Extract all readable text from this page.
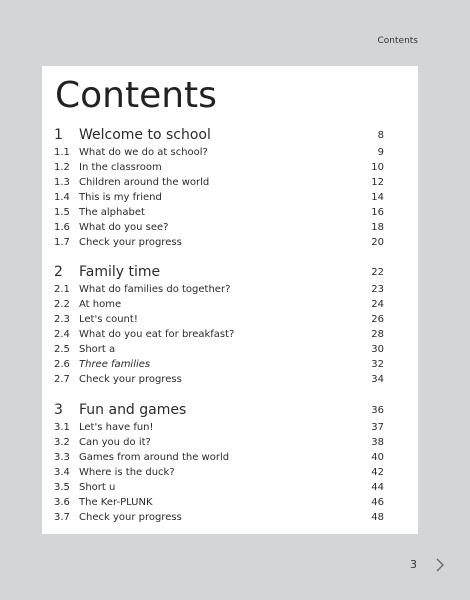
Contents
Contents
1 Welcome to school	8
1.1 What do we do at school?	9
1.2 In the classroom	10
1.3 Children around the world	12
1.4 This is my friend	14
1.5 The alphabet	16
1.6 What do you see?	18
1.7 Check your progress	20
2 Family time	22
2.1 What do families do together?	23
2.2 At home	24
2.3 Let's count!	26
2.4 What do you eat for breakfast?	28
2.5 Short a	30
2.6 Three families	32
2.7 Check your progress	34
3 Fun and games	36
3.1 Let's have fun!	37
3.2 Can you do it?	38
3.3 Games from around the world	40
3.4 Where is the duck?	42
3.5 Short u	44
3.6 The Ker-PLUNK	46
3.7 Check your progress	48
3
